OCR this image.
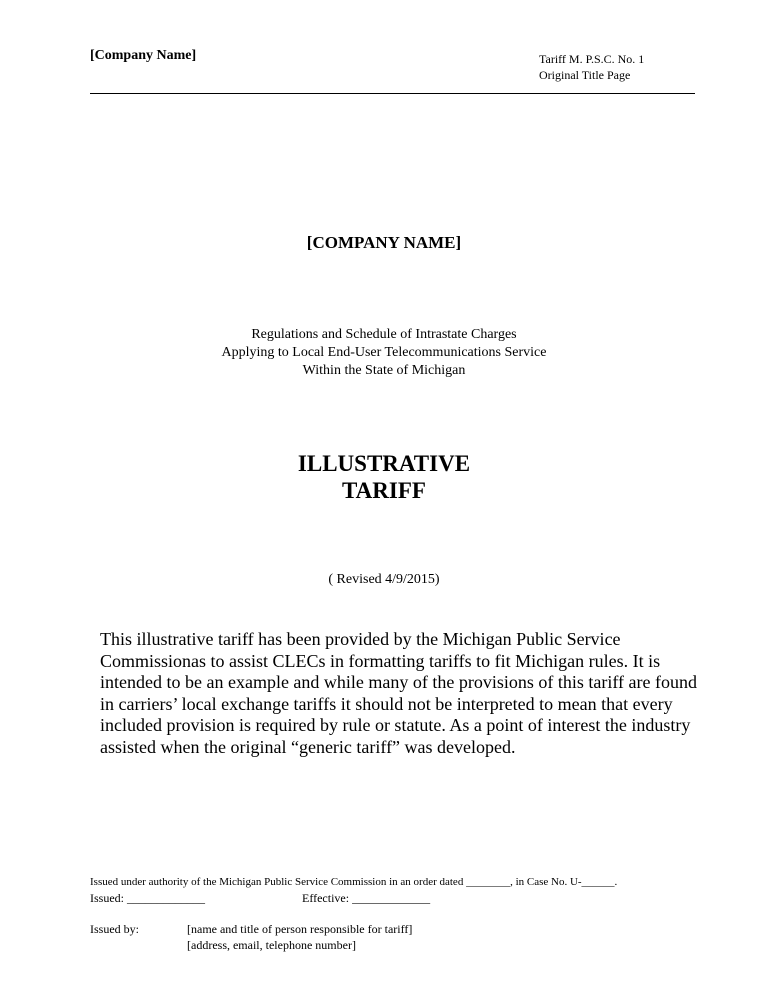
[Company Name]	Tariff M. P.S.C. No. 1
Original Title Page
[COMPANY NAME]
Regulations and Schedule of Intrastate Charges
Applying to Local End-User Telecommunications Service
Within the State of Michigan
ILLUSTRATIVE
TARIFF
( Revised 4/9/2015)
This illustrative tariff has been provided by the Michigan Public Service Commissionas to assist CLECs in formatting tariffs to fit Michigan rules. It is intended to be an example and while many of the provisions of this tariff are found in carriers’ local exchange tariffs it should not be interpreted to mean that every included provision is required by rule or statute. As a point of interest the industry assisted when the original “generic tariff” was developed.
Issued under authority of the Michigan Public Service Commission in an order dated ________, in Case No. U-______.
Issued: _____________	Effective: _____________
Issued by:	[name and title of person responsible for tariff]
[address, email, telephone number]
